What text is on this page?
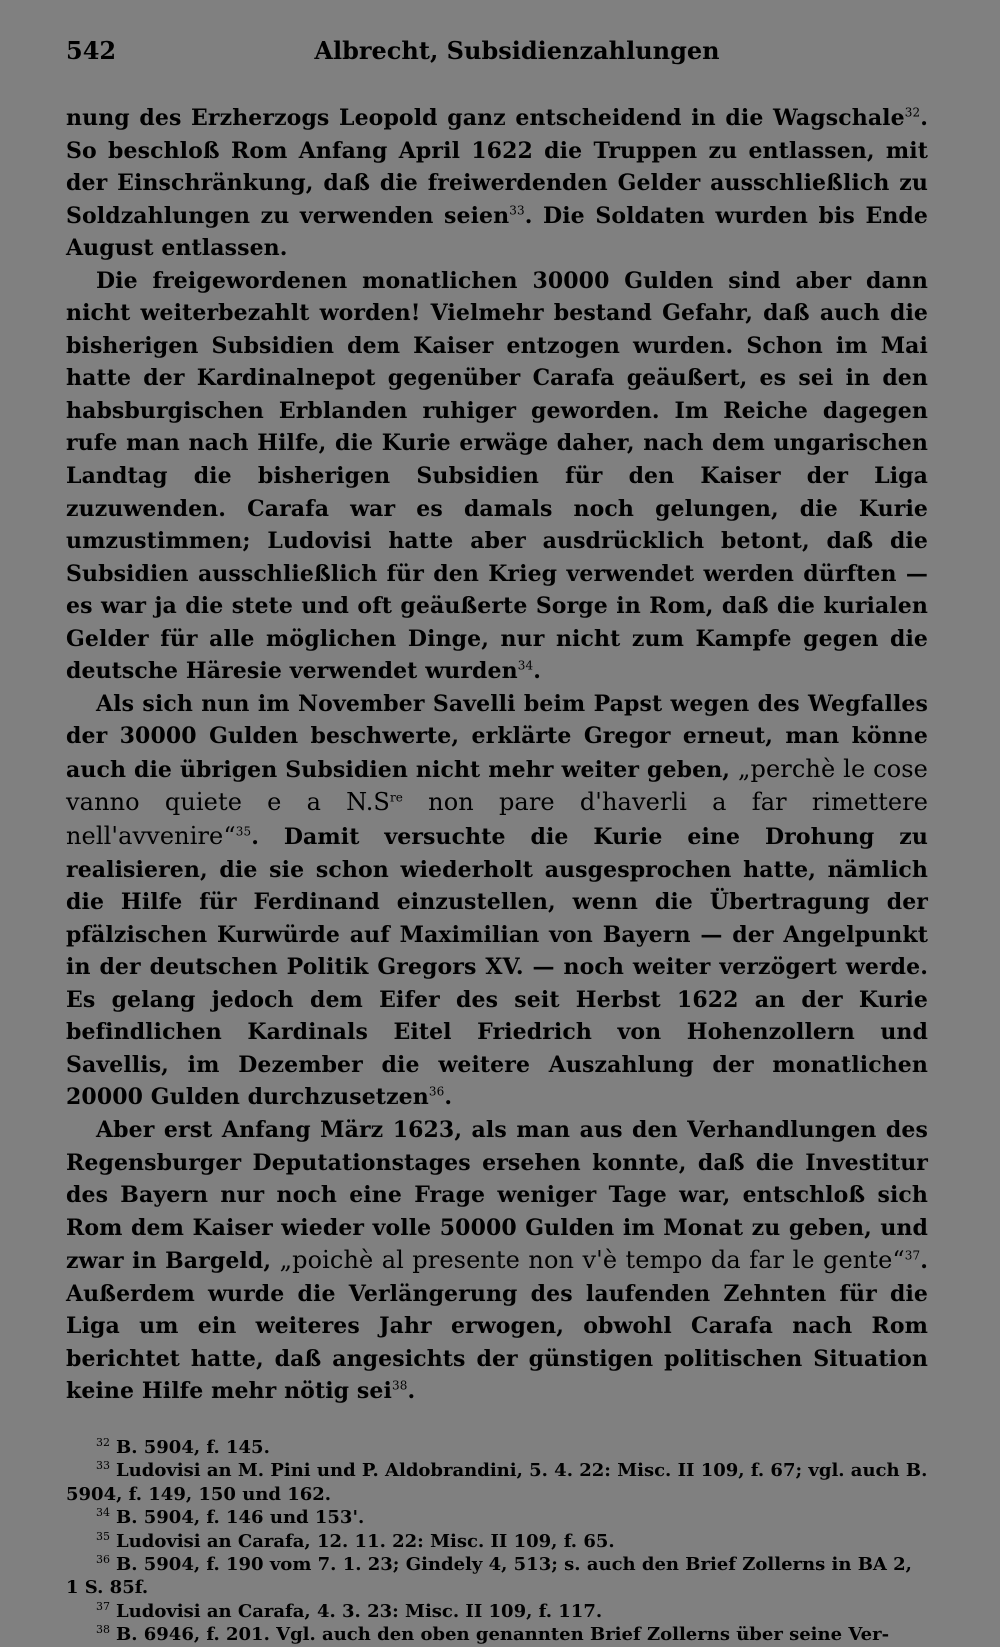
542	Albrecht, Subsidienzahlungen

nung des Erzherzogs Leopold ganz entscheidend in die Wagschale$^{32}$. So beschloß Rom Anfang April 1622 die Truppen zu entlassen, mit der Einschränkung, daß die freiwerdenden Gelder ausschließlich zu Soldzahlungen zu verwenden seien$^{33}$. Die Soldaten wurden bis Ende August entlassen.

Die freigewordenen monatlichen 30000 Gulden sind aber dann nicht weiterbezahlt worden! Vielmehr bestand Gefahr, daß auch die bisherigen Subsidien dem Kaiser entzogen wurden. Schon im Mai hatte der Kardinalnepot gegenüber Carafa geäußert, es sei in den habsburgischen Erblanden ruhiger geworden. Im Reiche dagegen rufe man nach Hilfe, die Kurie erwäge daher, nach dem ungarischen Landtag die bisherigen Subsidien für den Kaiser der Liga zuzuwenden. Carafa war es damals noch gelungen, die Kurie umzustimmen; Ludovisi hatte aber ausdrücklich betont, daß die Subsidien ausschließlich für den Krieg verwendet werden dürften — es war ja die stete und oft geäußerte Sorge in Rom, daß die kurialen Gelder für alle möglichen Dinge, nur nicht zum Kampfe gegen die deutsche Häresie verwendet wurden$^{34}$.

Als sich nun im November Savelli beim Papst wegen des Wegfalles der 30000 Gulden beschwerte, erklärte Gregor erneut, man könne auch die übrigen Subsidien nicht mehr weiter geben, „perchè le cose vanno quiete e a $N.S^{re}$ non pare d'haverli a far rimettere nell'avvenire“$^{35}$. Damit versuchte die Kurie eine Drohung zu realisieren, die sie schon wiederholt ausgesprochen hatte, nämlich die Hilfe für Ferdinand einzustellen, wenn die Übertragung der pfälzischen Kurwürde auf Maximilian von Bayern — der Angelpunkt in der deutschen Politik Gregors XV. — noch weiter verzögert werde. Es gelang jedoch dem Eifer des seit Herbst 1622 an der Kurie befindlichen Kardinals Eitel Friedrich von Hohenzollern und Savellis, im Dezember die weitere Auszahlung der monatlichen 20000 Gulden durchzusetzen$^{36}$.

Aber erst Anfang März 1623, als man aus den Verhandlungen des Regensburger Deputationstages ersehen konnte, daß die Investitur des Bayern nur noch eine Frage weniger Tage war, entschloß sich Rom dem Kaiser wieder volle 50000 Gulden im Monat zu geben, und zwar in Bargeld, „poichè al presente non v'è tempo da far le gente“$^{37}$. Außerdem wurde die Verlängerung des laufenden Zehnten für die Liga um ein weiteres Jahr erwogen, obwohl Carafa nach Rom berichtet hatte, daß angesichts der günstigen politischen Situation keine Hilfe mehr nötig sei$^{38}$.

$^{32}$ B. 5904, f. 145.

$^{33}$ Ludovisi an M. Pini und P. Aldobrandini, 5. 4. 22: Misc. II 109, f. 67; vgl. auch B. 5904, f. 149, 150 und 162.

$^{34}$ B. 5904, f. 146 und 153'.

$^{35}$ Ludovisi an Carafa, 12. 11. 22: Misc. II 109, f. 65.

$^{36}$ B. 5904, f. 190 vom 7. 1. 23; Gindely 4, 513; s. auch den Brief Zollerns in BA 2, 1 S. 85f.

$^{37}$ Ludovisi an Carafa, 4. 3. 23: Misc. II 109, f. 117.

$^{38}$ B. 6946, f. 201. Vgl. auch den oben genannten Brief Zollerns über seine Ver-
